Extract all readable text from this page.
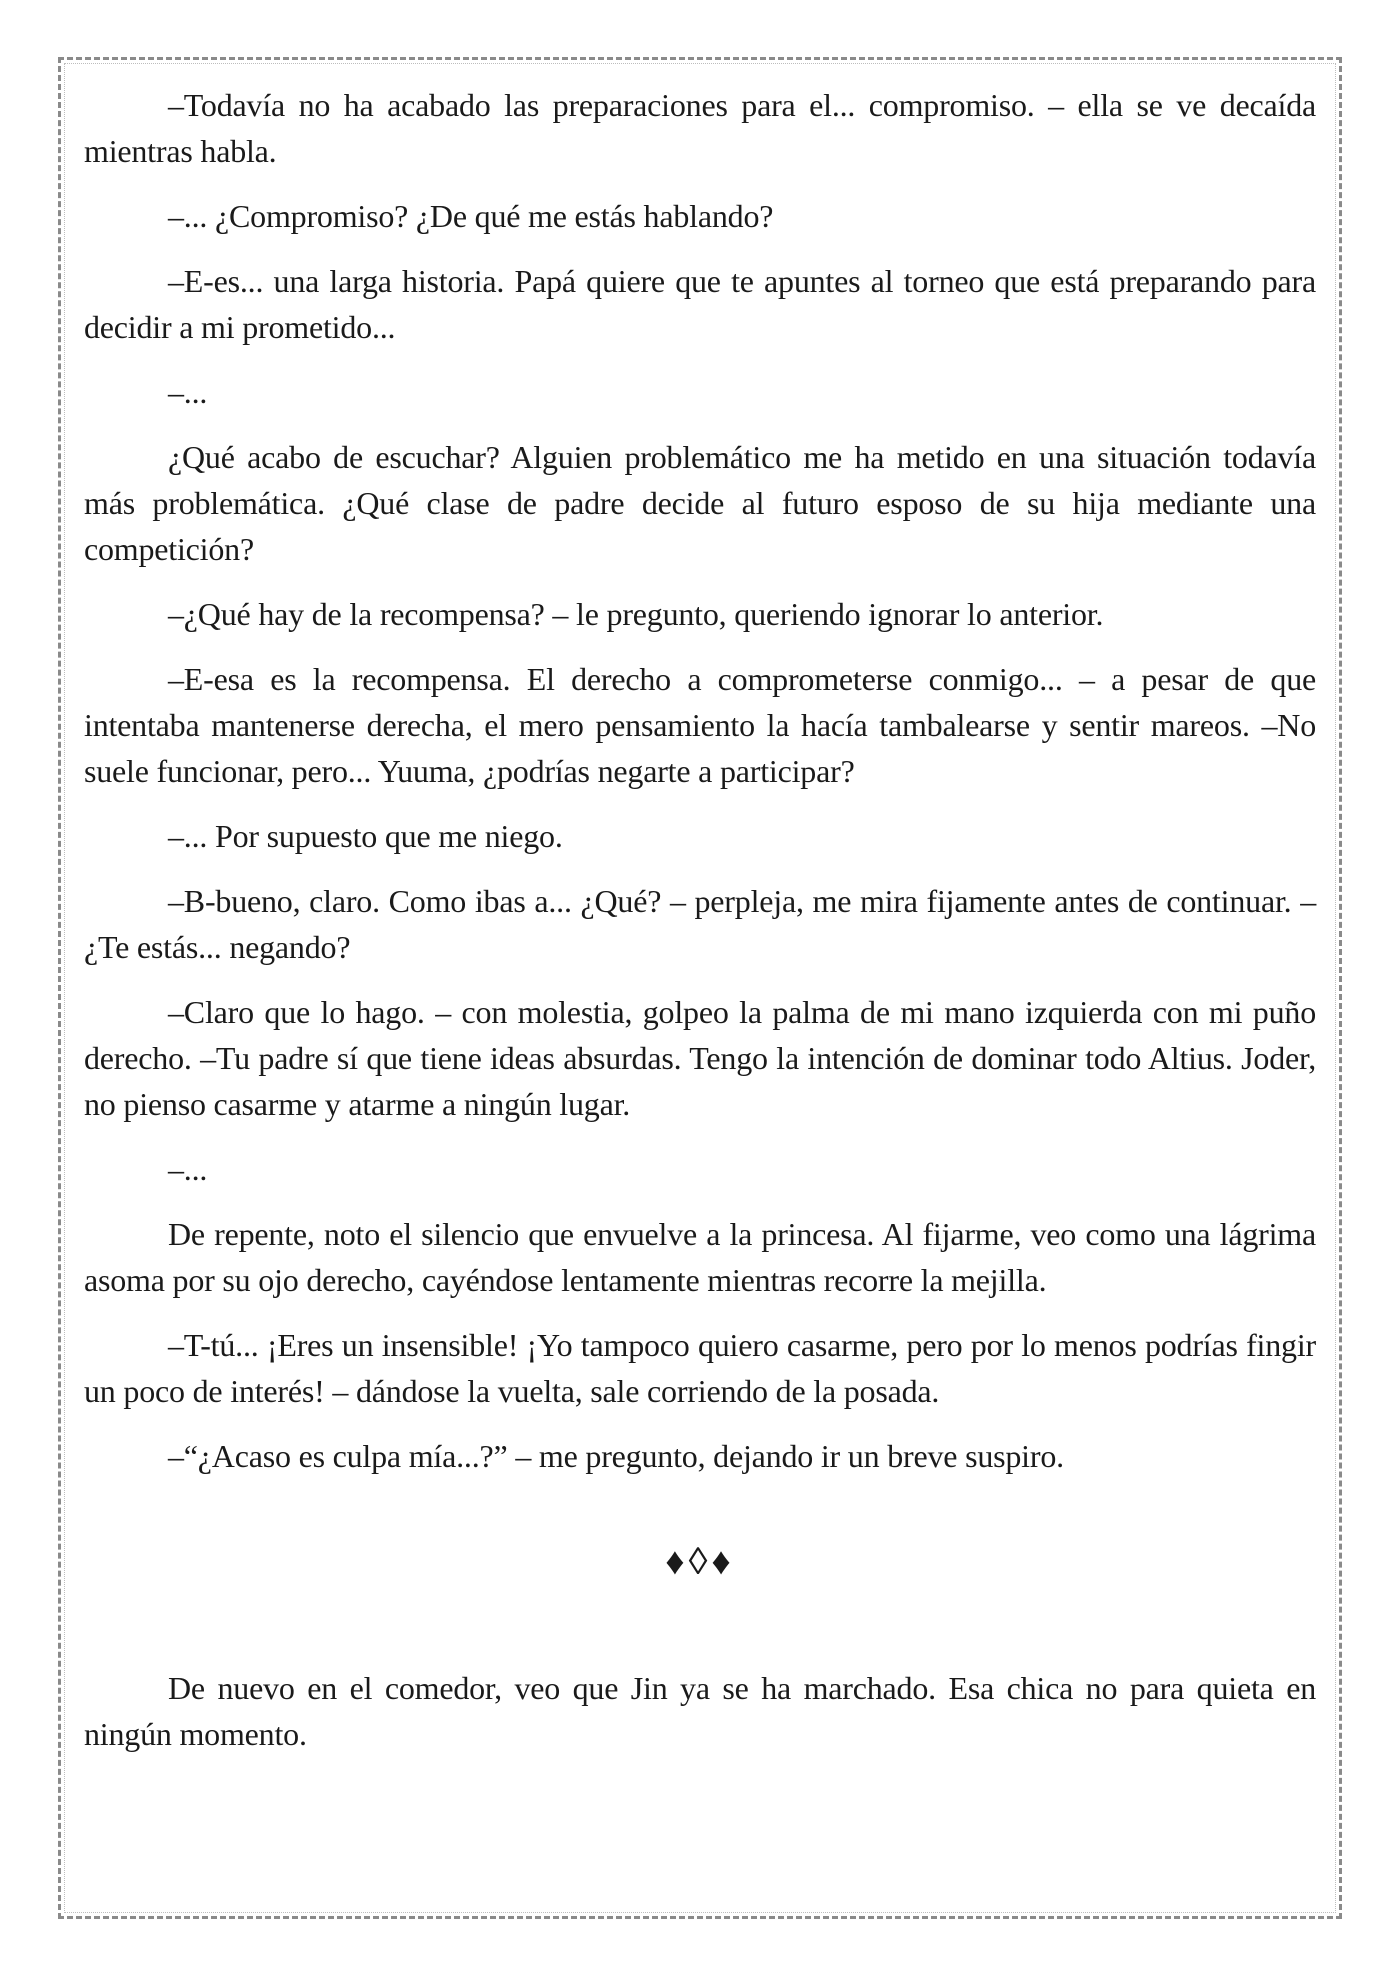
–Todavía no ha acabado las preparaciones para el... compromiso. – ella se ve decaída mientras habla.

–... ¿Compromiso? ¿De qué me estás hablando?

–E-es... una larga historia. Papá quiere que te apuntes al torneo que está preparando para decidir a mi prometido...

–...

¿Qué acabo de escuchar? Alguien problemático me ha metido en una situación todavía más problemática. ¿Qué clase de padre decide al futuro esposo de su hija mediante una competición?

–¿Qué hay de la recompensa? – le pregunto, queriendo ignorar lo anterior.

–E-esa es la recompensa. El derecho a comprometerse conmigo... – a pesar de que intentaba mantenerse derecha, el mero pensamiento la hacía tambalearse y sentir mareos. –No suele funcionar, pero... Yuuma, ¿podrías negarte a participar?

–... Por supuesto que me niego.

–B-bueno, claro. Como ibas a... ¿Qué? – perpleja, me mira fijamente antes de continuar. –¿Te estás... negando?

–Claro que lo hago. – con molestia, golpeo la palma de mi mano izquierda con mi puño derecho. –Tu padre sí que tiene ideas absurdas. Tengo la intención de dominar todo Altius. Joder, no pienso casarme y atarme a ningún lugar.

–...

De repente, noto el silencio que envuelve a la princesa. Al fijarme, veo como una lágrima asoma por su ojo derecho, cayéndose lentamente mientras recorre la mejilla.

–T-tú... ¡Eres un insensible! ¡Yo tampoco quiero casarme, pero por lo menos podrías fingir un poco de interés! – dándose la vuelta, sale corriendo de la posada.

–“¿Acaso es culpa mía...?” – me pregunto, dejando ir un breve suspiro.

♦◊♦

De nuevo en el comedor, veo que Jin ya se ha marchado. Esa chica no para quieta en ningún momento.
